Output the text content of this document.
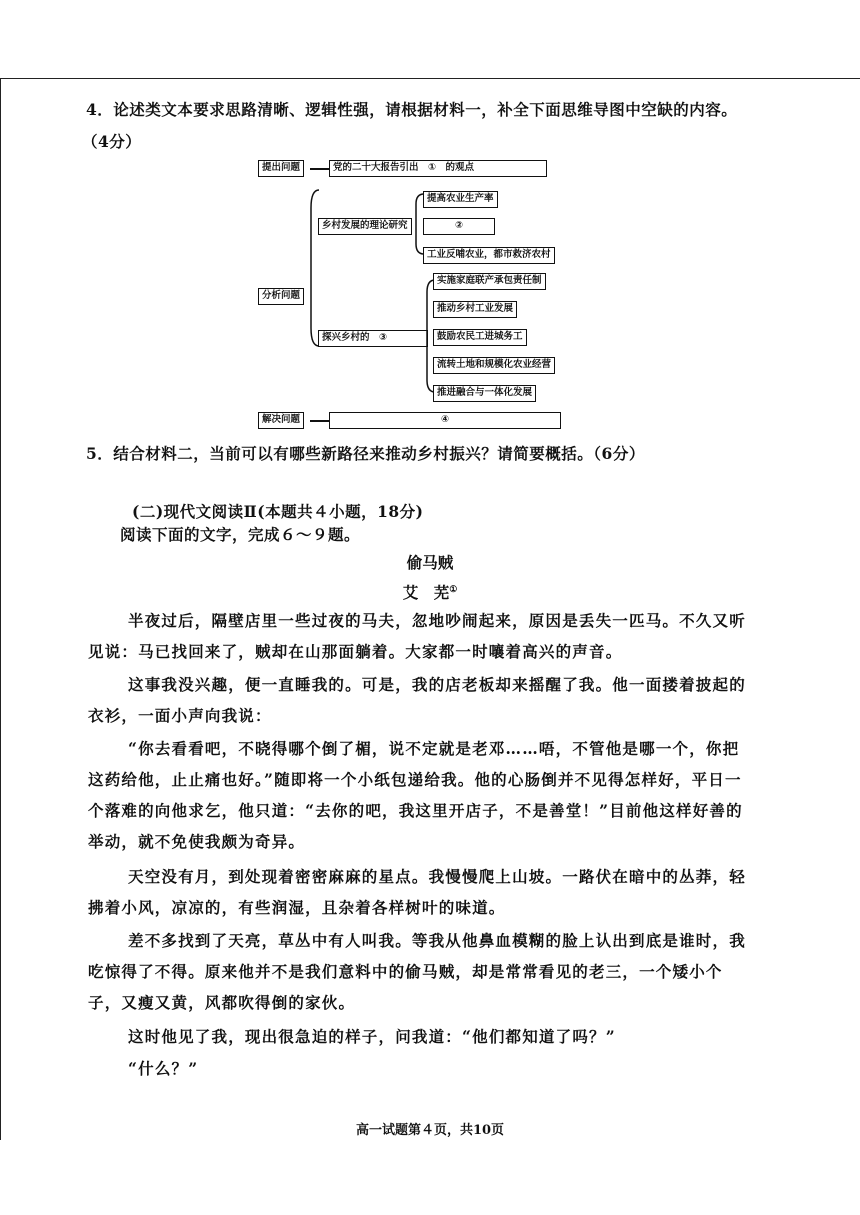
4．论述类文本要求思路清晰、逻辑性强，请根据材料一，补全下面思维导图中空缺的内容。
（4分）
提出问题	党的二十大报告引出　①　的观点
分析问题
乡村发展的理论研究
提高农业生产率
②
工业反哺农业，都市救济农村
探兴乡村的　③
实施家庭联产承包责任制
推动乡村工业发展
鼓励农民工进城务工
流转土地和规模化农业经营
推进融合与一体化发展
解决问题	④
5．结合材料二，当前可以有哪些新路径来推动乡村振兴？请简要概括。（6分）
(二)现代文阅读Ⅱ(本题共４小题，18分)
阅读下面的文字，完成６～９题。
偷马贼
艾　芜①
半夜过后，隔壁店里一些过夜的马夫，忽地吵闹起来，原因是丢失一匹马。不久又听见说：马已找回来了，贼却在山那面躺着。大家都一时嚷着高兴的声音。
这事我没兴趣，便一直睡我的。可是，我的店老板却来摇醒了我。他一面搂着披起的衣衫，一面小声向我说：
“你去看看吧，不晓得哪个倒了楣，说不定就是老邓……唔，不管他是哪一个，你把这药给他，止止痛也好。”随即将一个小纸包递给我。他的心肠倒并不见得怎样好，平日一个落难的向他求乞，他只道：“去你的吧，我这里开店子，不是善堂！”目前他这样好善的举动，就不免使我颇为奇异。
天空没有月，到处现着密密麻麻的星点。我慢慢爬上山坡。一路伏在暗中的丛莽，轻拂着小风，凉凉的，有些润湿，且杂着各样树叶的味道。
差不多找到了天亮，草丛中有人叫我。等我从他鼻血模糊的脸上认出到底是谁时，我吃惊得了不得。原来他并不是我们意料中的偷马贼，却是常常看见的老三，一个矮小个子，又瘦又黄，风都吹得倒的家伙。
这时他见了我，现出很急迫的样子，问我道：“他们都知道了吗？”
“什么？”
高一试题第４页，共10页
